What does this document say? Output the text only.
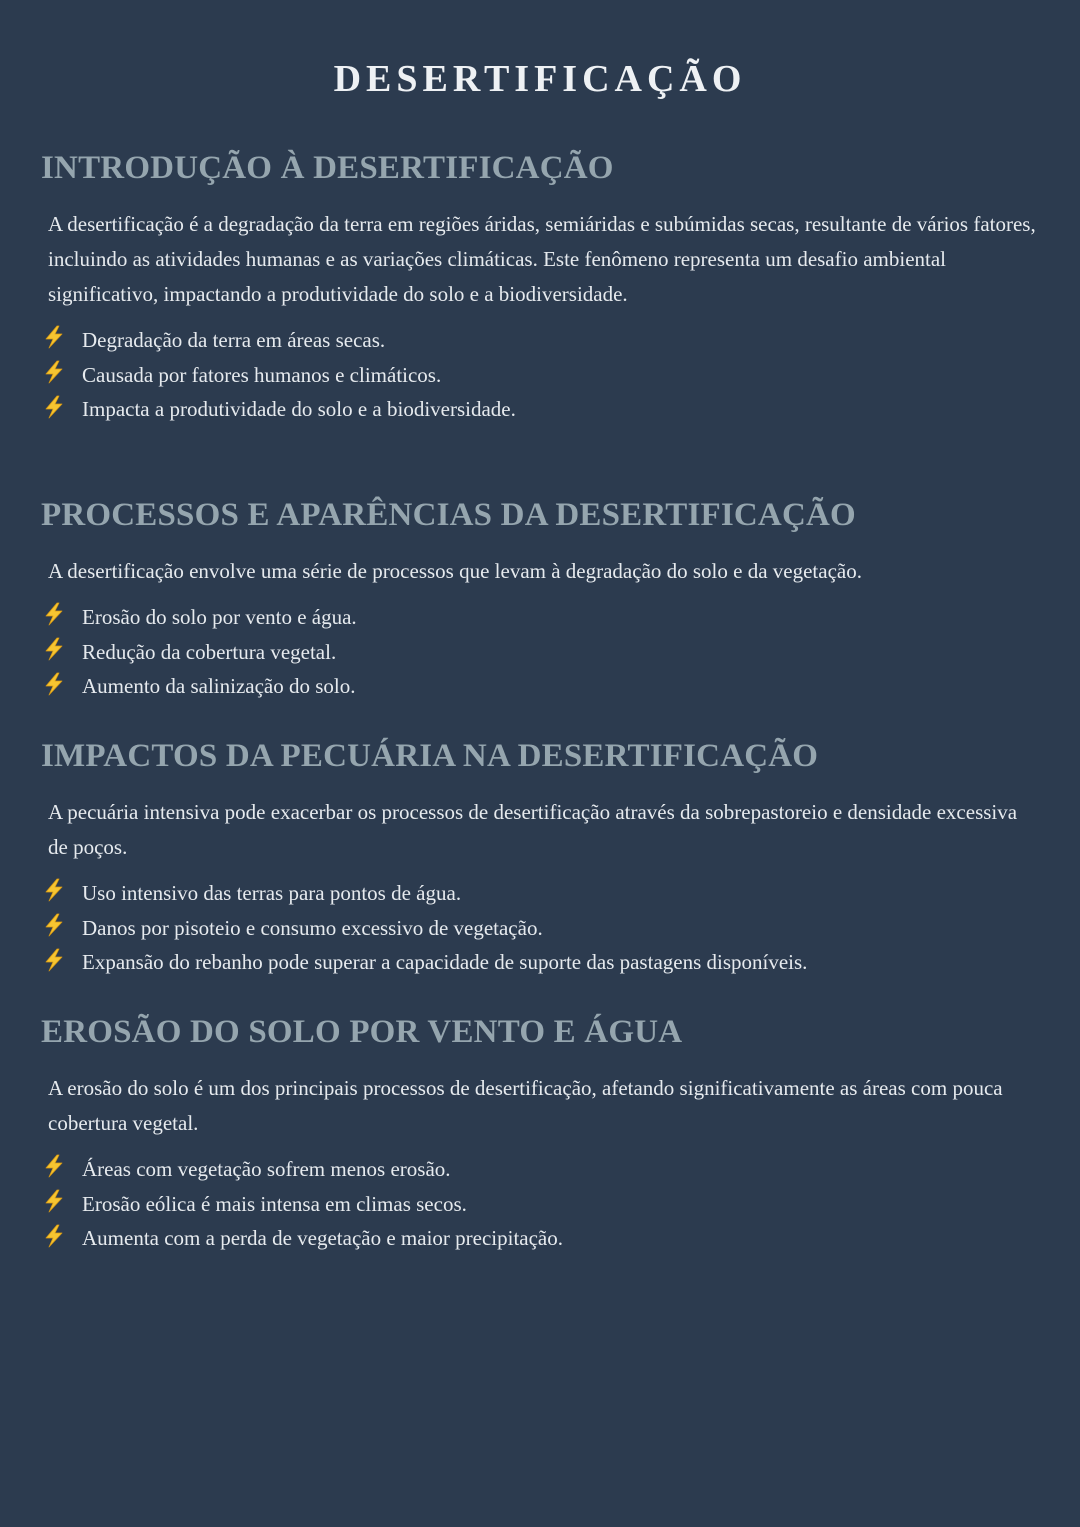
DESERTIFICAÇÃO
INTRODUÇÃO À DESERTIFICAÇÃO

A desertificação é a degradação da terra em regiões áridas, semiáridas e subúmidas secas, resultante de vários fatores, incluindo as atividades humanas e as variações climáticas. Este fenômeno representa um desafio ambiental significativo, impactando a produtividade do solo e a biodiversidade.

Degradação da terra em áreas secas.
Causada por fatores humanos e climáticos.
Impacta a produtividade do solo e a biodiversidade.
PROCESSOS E APARÊNCIAS DA DESERTIFICAÇÃO

A desertificação envolve uma série de processos que levam à degradação do solo e da vegetação.

Erosão do solo por vento e água.
Redução da cobertura vegetal.
Aumento da salinização do solo.
IMPACTOS DA PECUÁRIA NA DESERTIFICAÇÃO

A pecuária intensiva pode exacerbar os processos de desertificação através da sobrepastoreio e densidade excessiva de poços.

Uso intensivo das terras para pontos de água.
Danos por pisoteio e consumo excessivo de vegetação.
Expansão do rebanho pode superar a capacidade de suporte das pastagens disponíveis.
EROSÃO DO SOLO POR VENTO E ÁGUA

A erosão do solo é um dos principais processos de desertificação, afetando significativamente as áreas com pouca cobertura vegetal.

Áreas com vegetação sofrem menos erosão.
Erosão eólica é mais intensa em climas secos.
Aumenta com a perda de vegetação e maior precipitação.
